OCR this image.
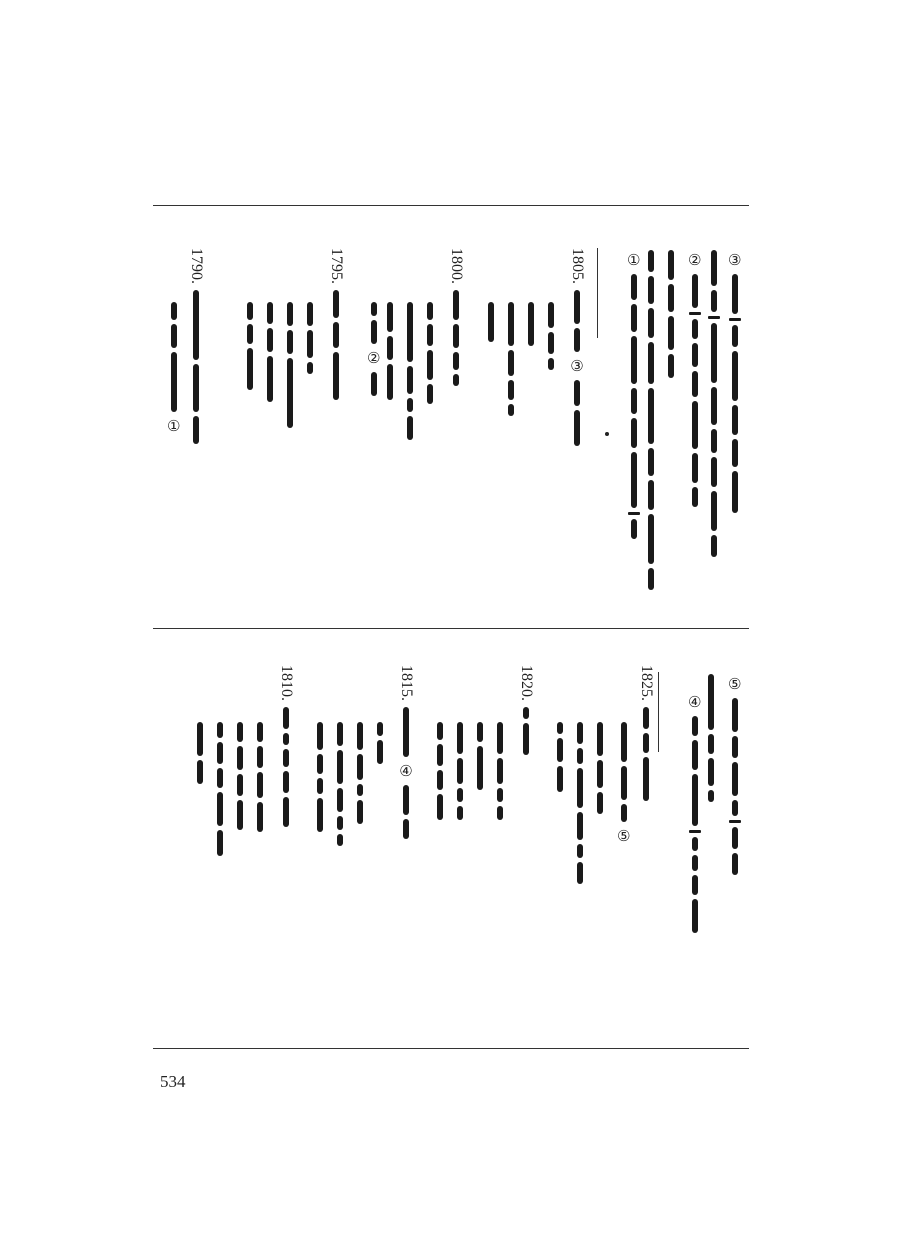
③
②
①
1805.
③
1800.
②
1795.
1790.
①
⑤
④
1825.
⑤
1820.
1815.
④
1810.
534
